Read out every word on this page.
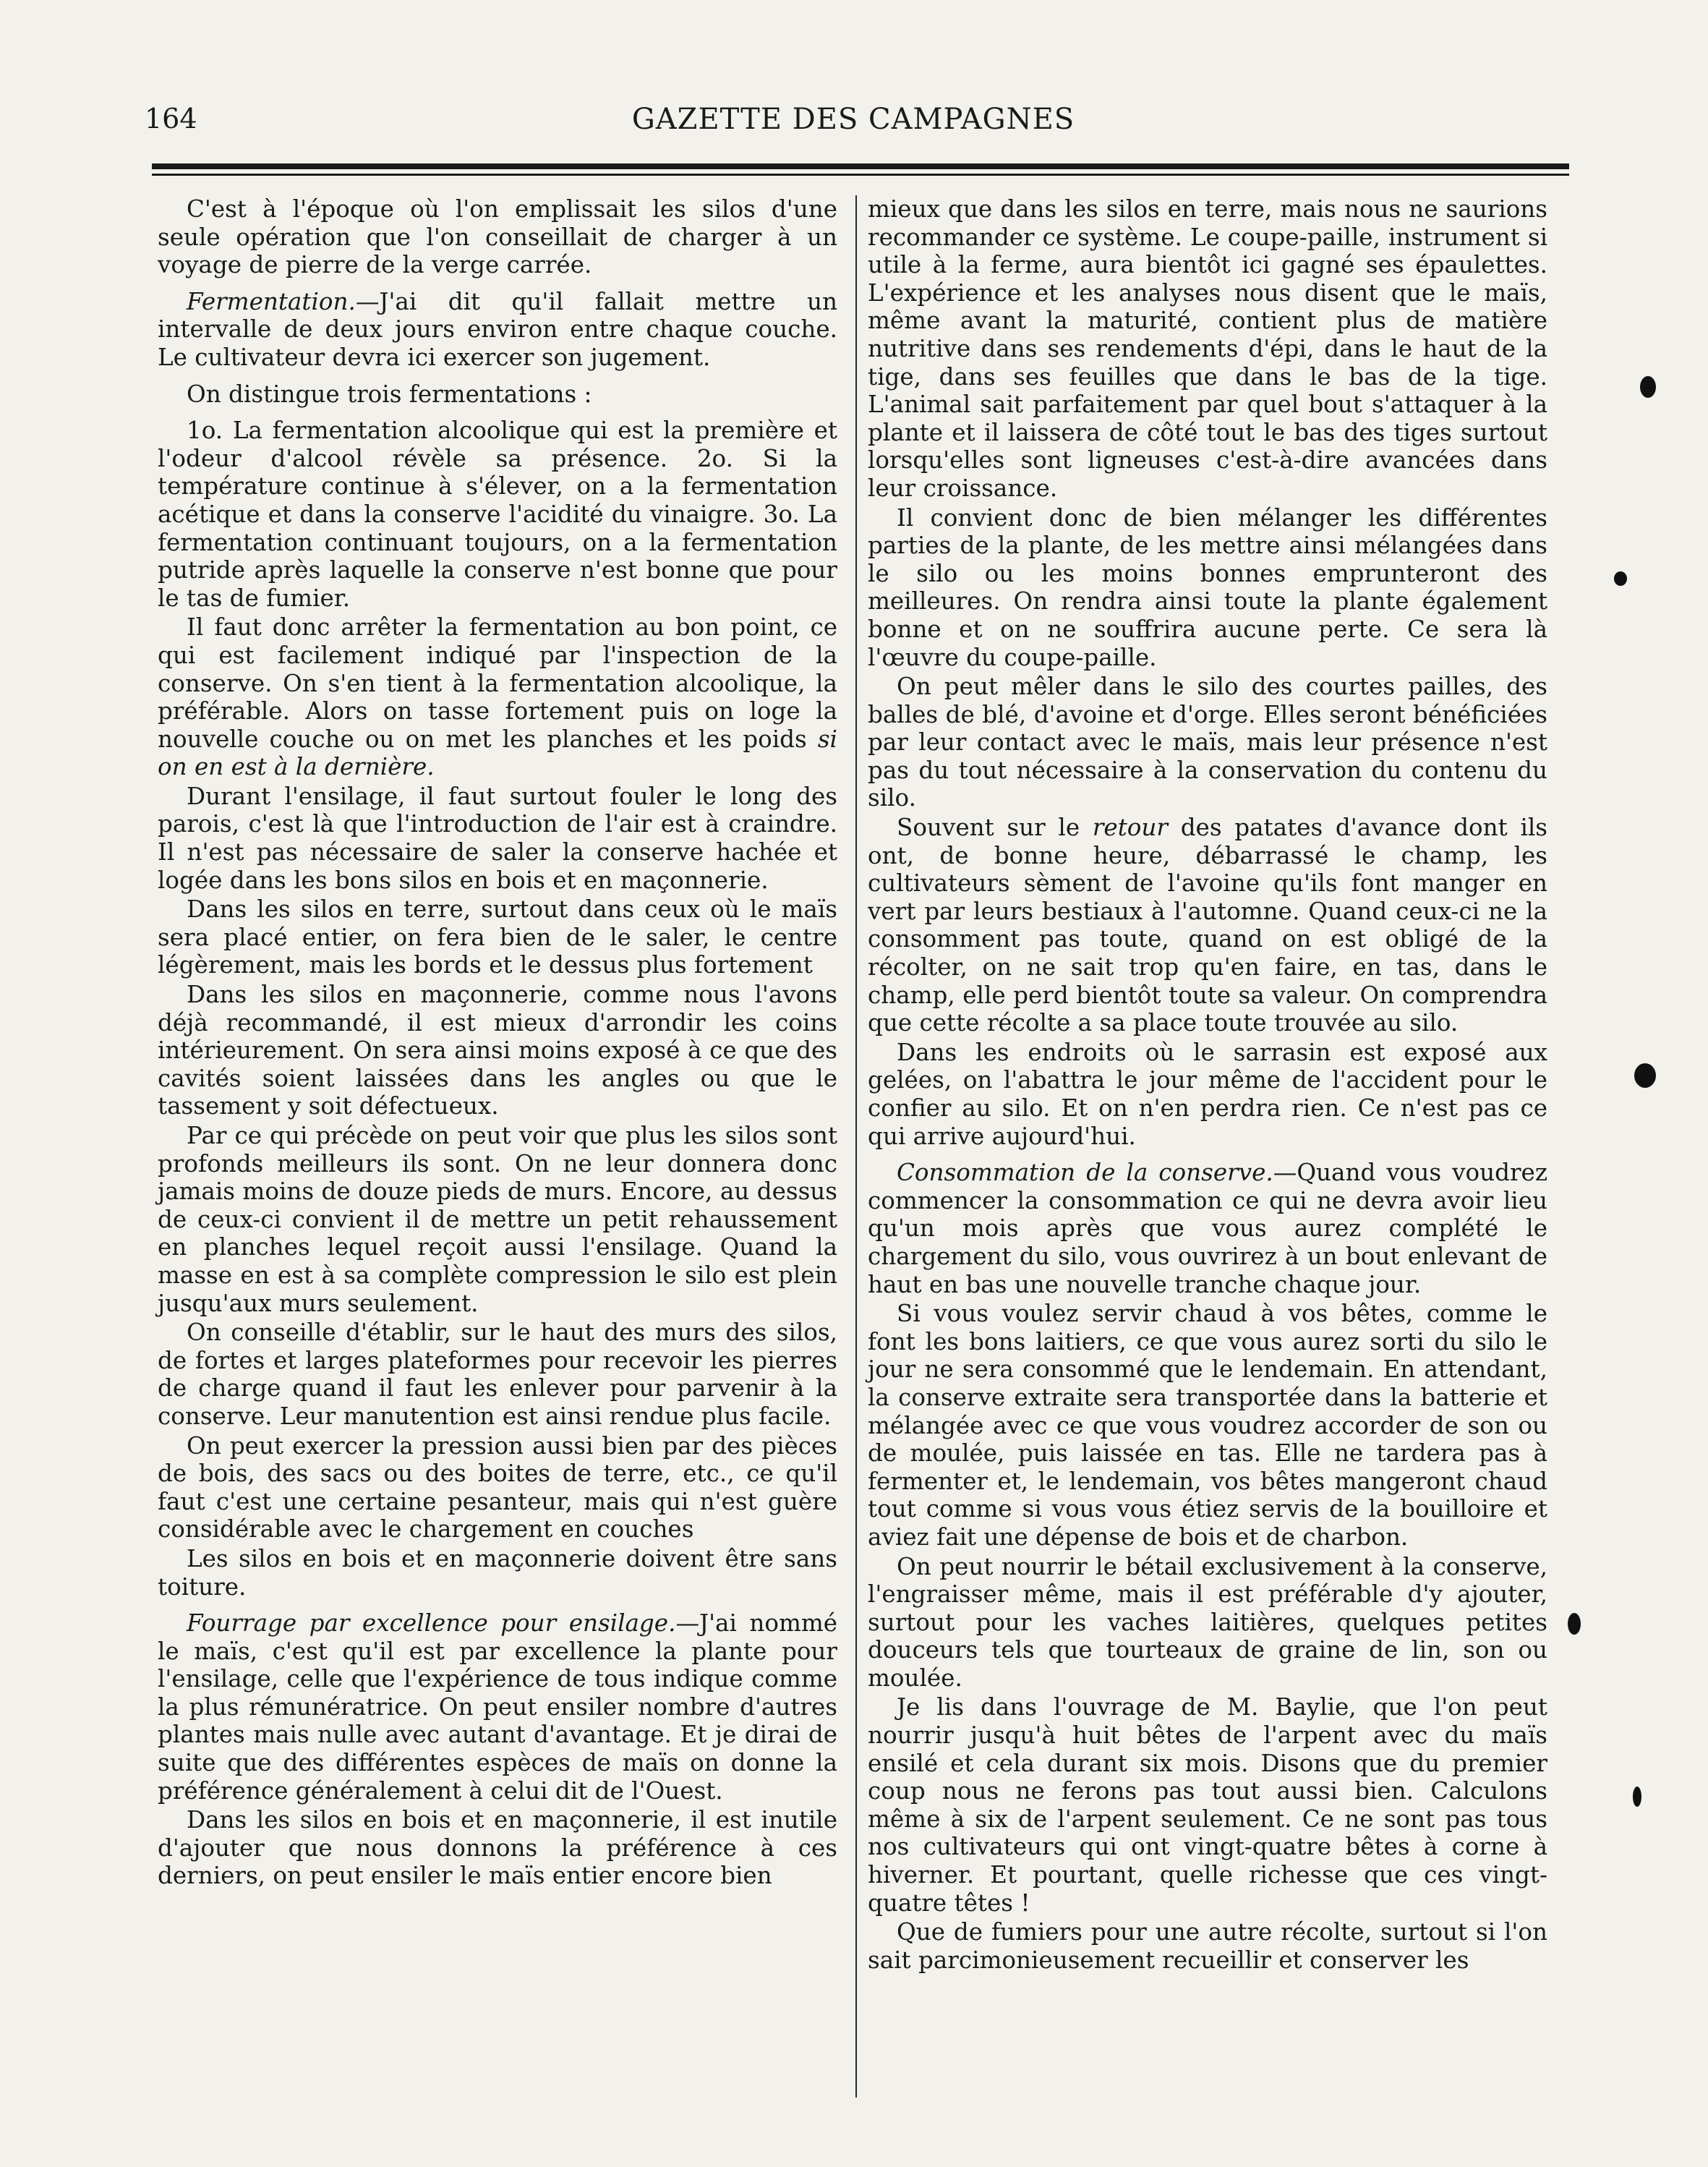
164	GAZETTE DES CAMPAGNES

C'est à l'époque où l'on emplissait les silos d'une seule opération que l'on conseillait de charger à un voyage de pierre de la verge carrée.

Fermentation.—J'ai dit qu'il fallait mettre un intervalle de deux jours environ entre chaque couche. Le cultivateur devra ici exercer son jugement.

On distingue trois fermentations :

1o. La fermentation alcoolique qui est la première et l'odeur d'alcool révèle sa présence. 2o. Si la température continue à s'élever, on a la fermentation acétique et dans la conserve l'acidité du vinaigre. 3o. La fermentation continuant toujours, on a la fermentation putride après laquelle la conserve n'est bonne que pour le tas de fumier.

Il faut donc arrêter la fermentation au bon point, ce qui est facilement indiqué par l'inspection de la conserve. On s'en tient à la fermentation alcoolique, la préférable. Alors on tasse fortement puis on loge la nouvelle couche ou on met les planches et les poids si on en est à la dernière.

Durant l'ensilage, il faut surtout fouler le long des parois, c'est là que l'introduction de l'air est à craindre. Il n'est pas nécessaire de saler la conserve hachée et logée dans les bons silos en bois et en maçonnerie.

Dans les silos en terre, surtout dans ceux où le maïs sera placé entier, on fera bien de le saler, le centre légèrement, mais les bords et le dessus plus fortement

Dans les silos en maçonnerie, comme nous l'avons déjà recommandé, il est mieux d'arrondir les coins intérieurement. On sera ainsi moins exposé à ce que des cavités soient laissées dans les angles ou que le tassement y soit défectueux.

Par ce qui précède on peut voir que plus les silos sont profonds meilleurs ils sont. On ne leur donnera donc jamais moins de douze pieds de murs. Encore, au dessus de ceux-ci convient il de mettre un petit rehaussement en planches lequel reçoit aussi l'ensilage. Quand la masse en est à sa complète compression le silo est plein jusqu'aux murs seulement.

On conseille d'établir, sur le haut des murs des silos, de fortes et larges plateformes pour recevoir les pierres de charge quand il faut les enlever pour parvenir à la conserve. Leur manutention est ainsi rendue plus facile.

On peut exercer la pression aussi bien par des pièces de bois, des sacs ou des boites de terre, etc., ce qu'il faut c'est une certaine pesanteur, mais qui n'est guère considérable avec le chargement en couches

Les silos en bois et en maçonnerie doivent être sans toiture.

Fourrage par excellence pour ensilage.—J'ai nommé le maïs, c'est qu'il est par excellence la plante pour l'ensilage, celle que l'expérience de tous indique comme la plus rémunératrice. On peut ensiler nombre d'autres plantes mais nulle avec autant d'avantage. Et je dirai de suite que des différentes espèces de maïs on donne la préférence généralement à celui dit de l'Ouest.

Dans les silos en bois et en maçonnerie, il est inutile d'ajouter que nous donnons la préférence à ces derniers, on peut ensiler le maïs entier encore bien

mieux que dans les silos en terre, mais nous ne saurions recommander ce système. Le coupe-paille, instrument si utile à la ferme, aura bientôt ici gagné ses épaulettes. L'expérience et les analyses nous disent que le maïs, même avant la maturité, contient plus de matière nutritive dans ses rendements d'épi, dans le haut de la tige, dans ses feuilles que dans le bas de la tige. L'animal sait parfaitement par quel bout s'attaquer à la plante et il laissera de côté tout le bas des tiges surtout lorsqu'elles sont ligneuses c'est-à-dire avancées dans leur croissance.

Il convient donc de bien mélanger les différentes parties de la plante, de les mettre ainsi mélangées dans le silo ou les moins bonnes emprunteront des meilleures. On rendra ainsi toute la plante également bonne et on ne souffrira aucune perte. Ce sera là l'œuvre du coupe-paille.

On peut mêler dans le silo des courtes pailles, des balles de blé, d'avoine et d'orge. Elles seront bénéficiées par leur contact avec le maïs, mais leur présence n'est pas du tout nécessaire à la conservation du contenu du silo.

Souvent sur le retour des patates d'avance dont ils ont, de bonne heure, débarrassé le champ, les cultivateurs sèment de l'avoine qu'ils font manger en vert par leurs bestiaux à l'automne. Quand ceux-ci ne la consomment pas toute, quand on est obligé de la récolter, on ne sait trop qu'en faire, en tas, dans le champ, elle perd bientôt toute sa valeur. On comprendra que cette récolte a sa place toute trouvée au silo.

Dans les endroits où le sarrasin est exposé aux gelées, on l'abattra le jour même de l'accident pour le confier au silo. Et on n'en perdra rien. Ce n'est pas ce qui arrive aujourd'hui.

Consommation de la conserve.—Quand vous voudrez commencer la consommation ce qui ne devra avoir lieu qu'un mois après que vous aurez complété le chargement du silo, vous ouvrirez à un bout enlevant de haut en bas une nouvelle tranche chaque jour.

Si vous voulez servir chaud à vos bêtes, comme le font les bons laitiers, ce que vous aurez sorti du silo le jour ne sera consommé que le lendemain. En attendant, la conserve extraite sera transportée dans la batterie et mélangée avec ce que vous voudrez accorder de son ou de moulée, puis laissée en tas. Elle ne tardera pas à fermenter et, le lendemain, vos bêtes mangeront chaud tout comme si vous vous étiez servis de la bouilloire et aviez fait une dépense de bois et de charbon.

On peut nourrir le bétail exclusivement à la conserve, l'engraisser même, mais il est préférable d'y ajouter, surtout pour les vaches laitières, quelques petites douceurs tels que tourteaux de graine de lin, son ou moulée.

Je lis dans l'ouvrage de M. Baylie, que l'on peut nourrir jusqu'à huit bêtes de l'arpent avec du maïs ensilé et cela durant six mois. Disons que du premier coup nous ne ferons pas tout aussi bien. Calculons même à six de l'arpent seulement. Ce ne sont pas tous nos cultivateurs qui ont vingt-quatre bêtes à corne à hiverner. Et pourtant, quelle richesse que ces vingt-quatre têtes !

Que de fumiers pour une autre récolte, surtout si l'on sait parcimonieusement recueillir et conserver les
